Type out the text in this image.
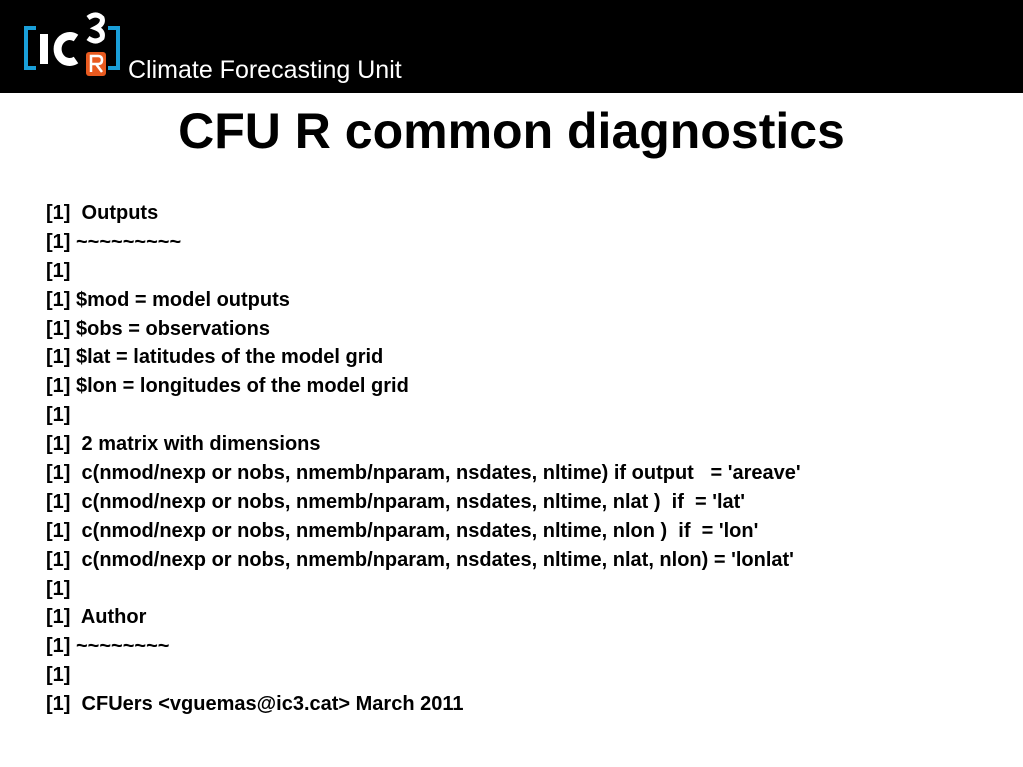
Climate Forecasting Unit
CFU R common diagnostics
[1]  Outputs
[1] ~~~~~~~~~
[1]
[1] $mod = model outputs
[1] $obs = observations
[1] $lat = latitudes of the model grid
[1] $lon = longitudes of the model grid
[1]
[1]  2 matrix with dimensions
[1]  c(nmod/nexp or nobs, nmemb/nparam, nsdates, nltime) if output   = 'areave'
[1]  c(nmod/nexp or nobs, nmemb/nparam, nsdates, nltime, nlat )  if  = 'lat'
[1]  c(nmod/nexp or nobs, nmemb/nparam, nsdates, nltime, nlon )  if  = 'lon'
[1]  c(nmod/nexp or nobs, nmemb/nparam, nsdates, nltime, nlat, nlon) = 'lonlat'
[1]
[1]  Author
[1] ~~~~~~~~
[1]
[1]  CFUers <vguemas@ic3.cat> March 2011
